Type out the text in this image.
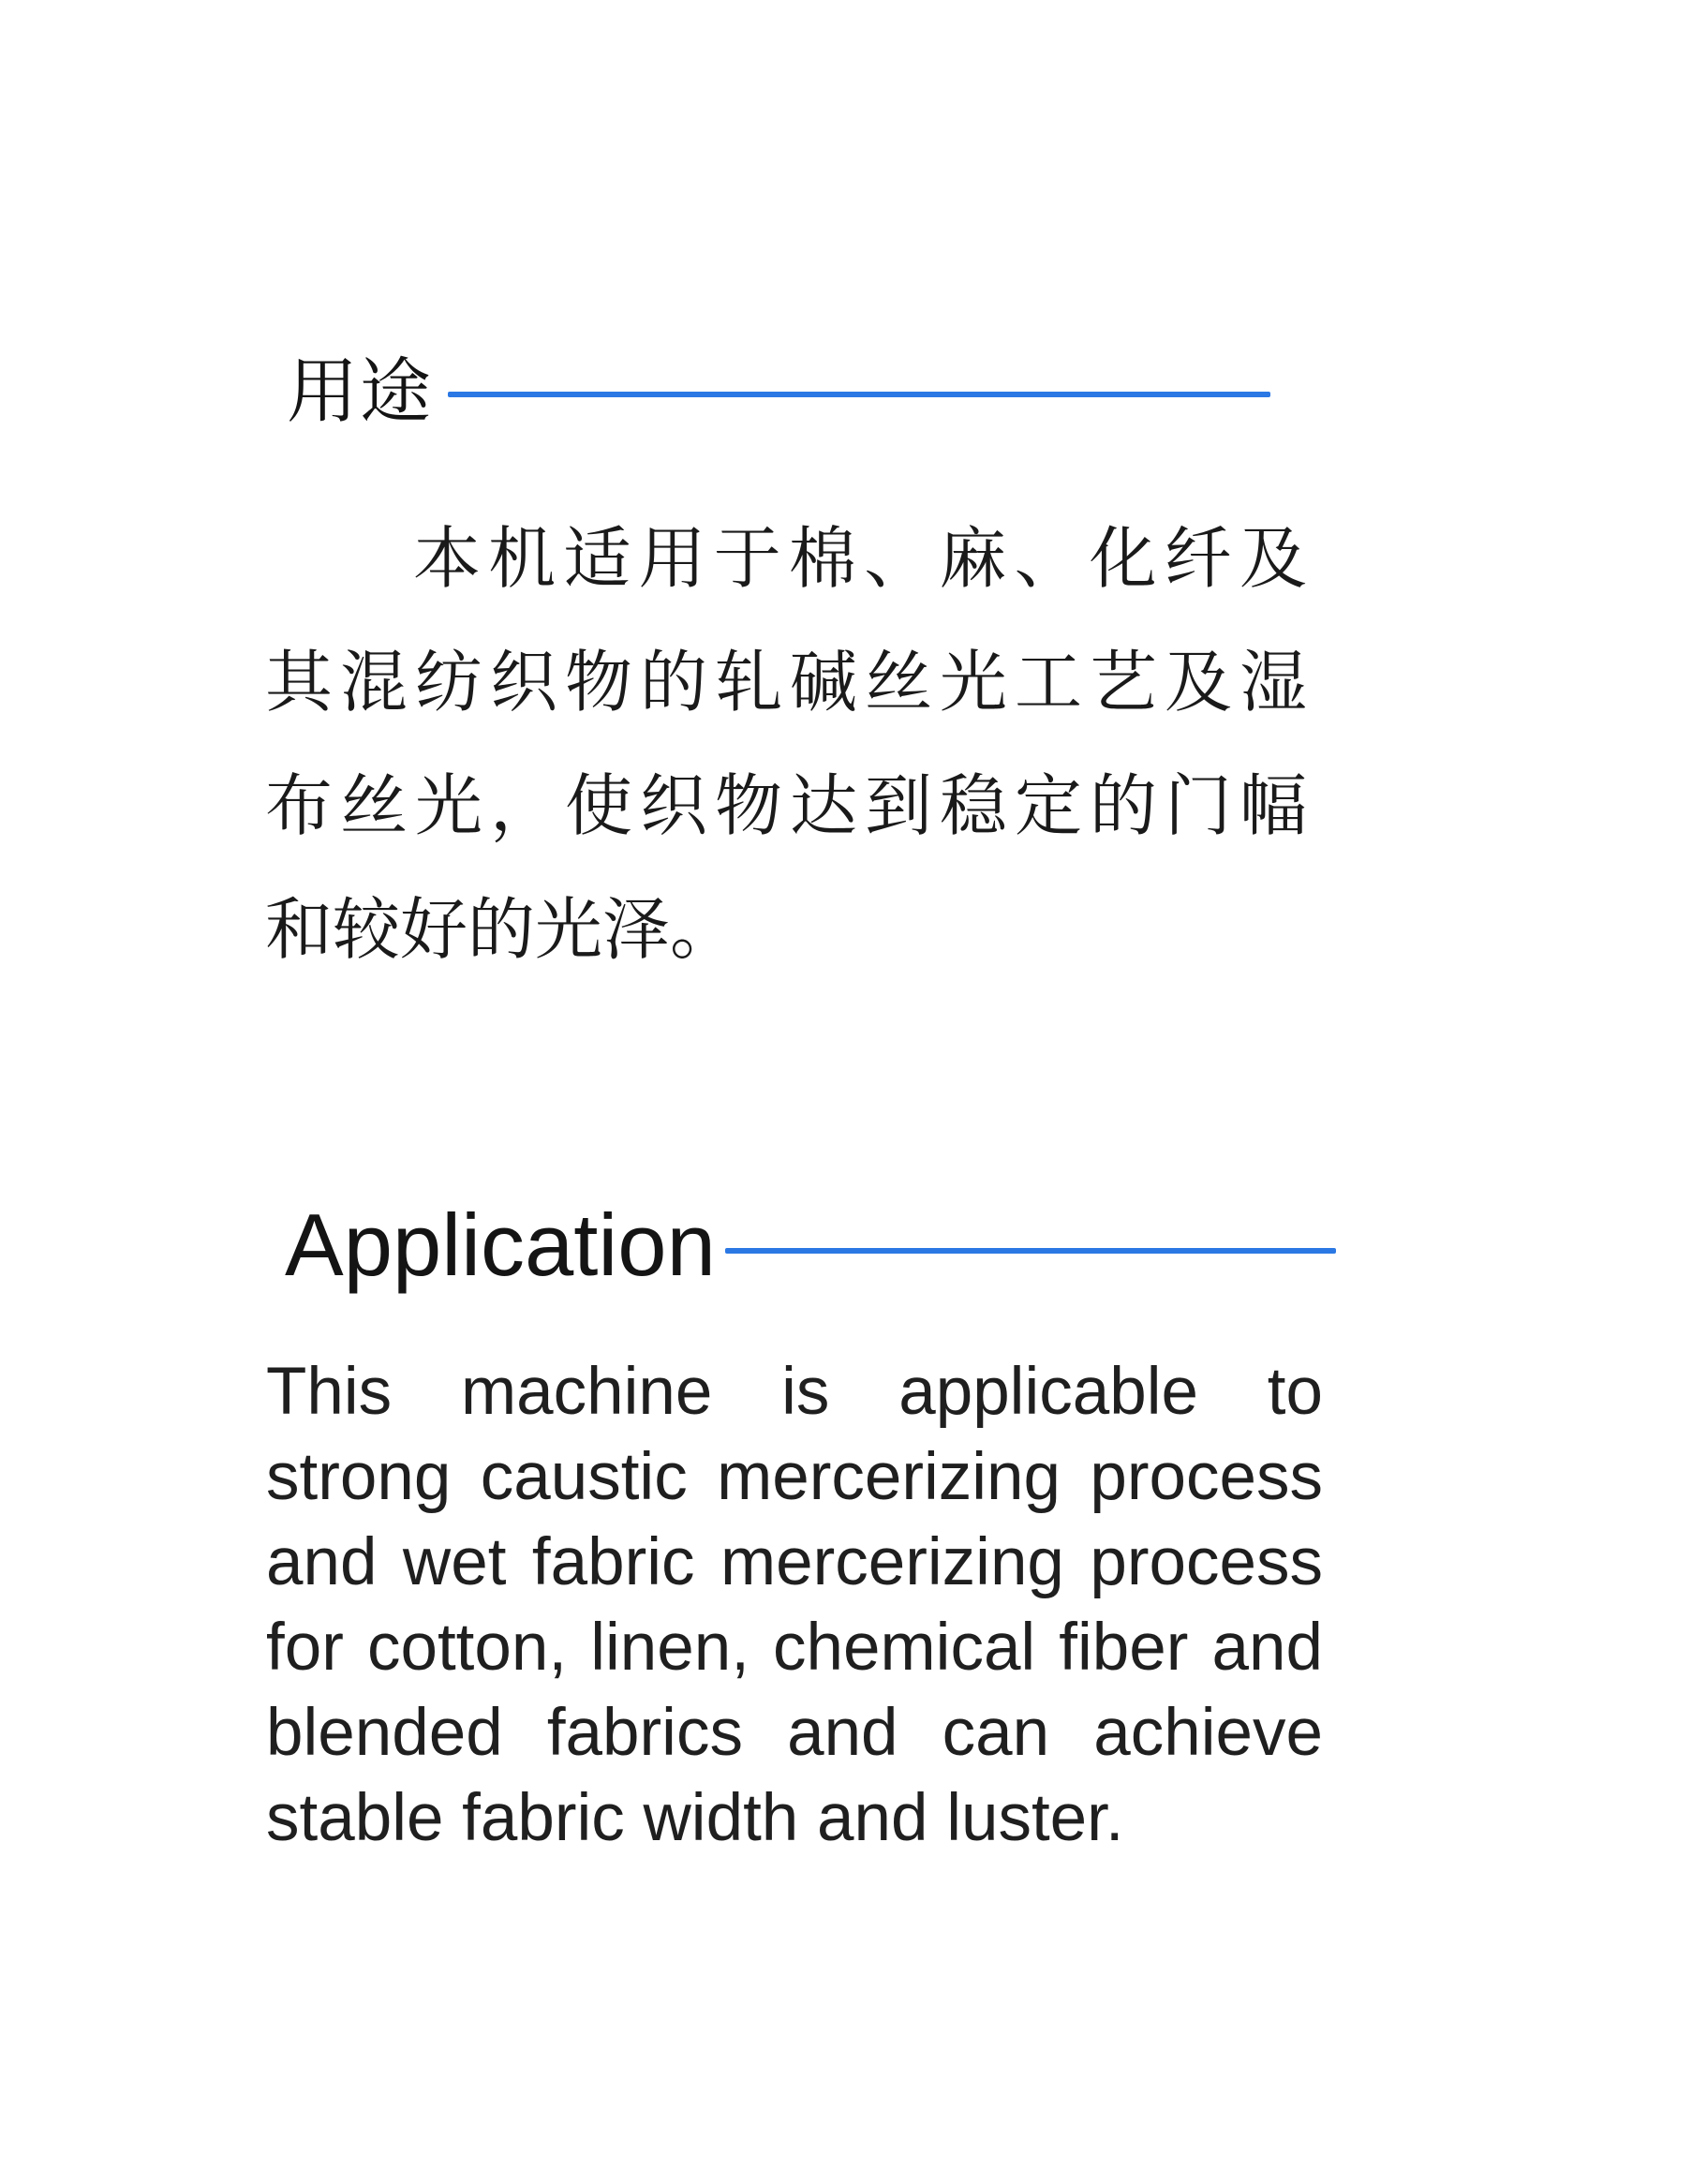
用途
本机适用于棉、麻、化纤及
其混纺织物的轧碱丝光工艺及湿
布丝光，使织物达到稳定的门幅
和较好的光泽。
Application
This machine is applicable to
strong caustic mercerizing process
and wet fabric mercerizing process
for cotton, linen, chemical fiber and
blended fabrics and can achieve
stable fabric width and luster.
